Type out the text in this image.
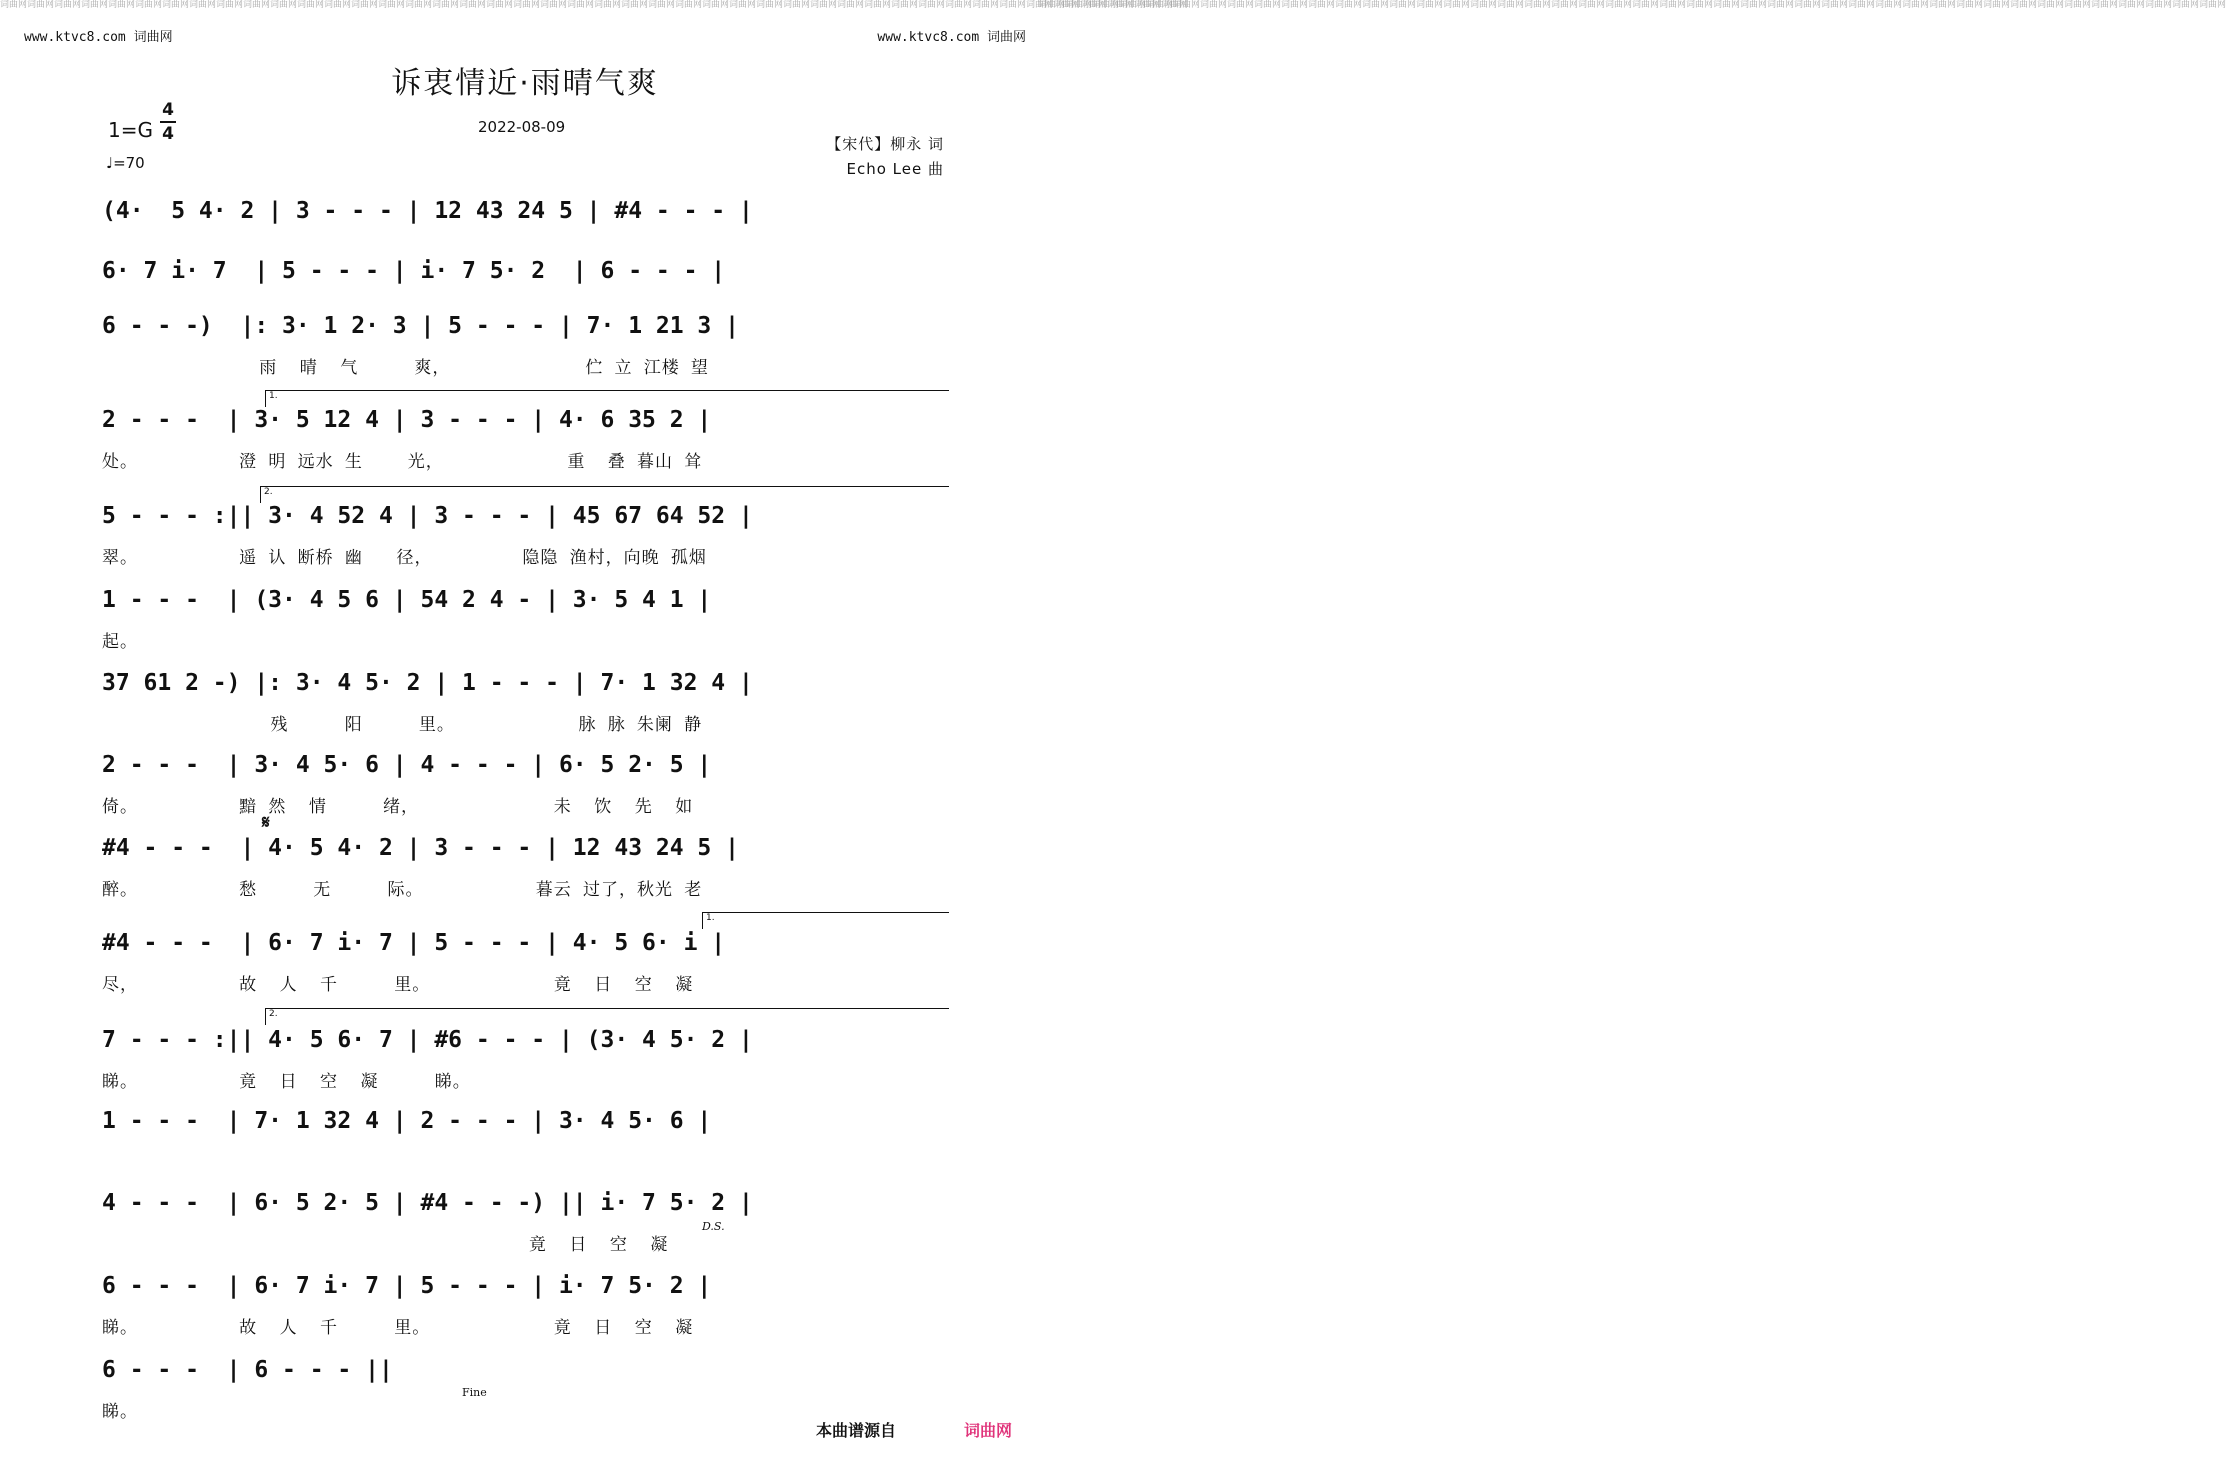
词曲网词曲网词曲网词曲网词曲网词曲网词曲网词曲网词曲网词曲网词曲网词曲网词曲网词曲网词曲网词曲网词曲网词曲网词曲网词曲网词曲网词曲网词曲网词曲网词曲网词曲网词曲网词曲网词曲网词曲网词曲网词曲网词曲网词曲网词曲网词曲网词曲网词曲网词曲网词曲网词曲网词曲网词曲网词曲网
词曲网词曲网词曲网词曲网词曲网词曲网词曲网词曲网词曲网词曲网词曲网词曲网词曲网词曲网词曲网词曲网词曲网词曲网词曲网词曲网词曲网词曲网词曲网词曲网词曲网词曲网词曲网词曲网词曲网词曲网词曲网词曲网词曲网词曲网词曲网词曲网词曲网词曲网词曲网词曲网词曲网词曲网词曲网词曲网
www.ktvc8.com 词曲网	www.ktvc8.com 词曲网
诉衷情近·雨晴气爽
1=G
4
4
♩=70
2022-08-09
【宋代】柳永 词
Echo Lee 曲
(4·  5 4· 2 | 3 - - - | 12 43 24 5 | #4 - - - |
6· 7 i· 7  | 5 - - - | i· 7 5· 2  | 6 - - - |
6 - - -)  |: 3· 1 2· 3 | 5 - - - | 7· 1 21 3 |
雨  晴  气     爽，            伫 立 江楼 望
2 - - -  | 3· 5 12 4 | 3 - - - | 4· 6 35 2 |
处。         澄 明 远水 生    光，           重  叠 暮山 耸
5 - - - :|| 3· 4 52 4 | 3 - - - | 45 67 64 52 |
翠。         遥 认 断桥 幽   径，        隐隐 渔村，向晚 孤烟
1 - - -  | (3· 4 5 6 | 54 2 4 - | 3· 5 4 1 |
起。
37 61 2 -) |: 3· 4 5· 2 | 1 - - - | 7· 1 32 4 |
残     阳     里。           脉 脉 朱阑 静
2 - - -  | 3· 4 5· 6 | 4 - - - | 6· 5 2· 5 |
倚。         黯 然  情     绪，            未  饮  先  如
#4 - - -  | 4· 5 4· 2 | 3 - - - | 12 43 24 5 |
醉。         愁     无     际。          暮云 过了，秋光 老
#4 - - -  | 6· 7 i· 7 | 5 - - - | 4· 5 6· i |
尽，         故  人  千     里。           竟  日  空  凝
7 - - - :|| 4· 5 6· 7 | #6 - - - | (3· 4 5· 2 |
睇。         竟  日  空  凝     睇。
1 - - -  | 7· 1 32 4 | 2 - - - | 3· 4 5· 6 |
4 - - -  | 6· 5 2· 5 | #4 - - -) || i· 7 5· 2 |
竟  日  空  凝
6 - - -  | 6· 7 i· 7 | 5 - - - | i· 7 5· 2 |
睇。         故  人  千     里。           竟  日  空  凝
6 - - -  | 6 - - - ||
睇。
1.
2.
1.
2.
𝄋
D.S.
Fine
本曲谱源自	词曲网
